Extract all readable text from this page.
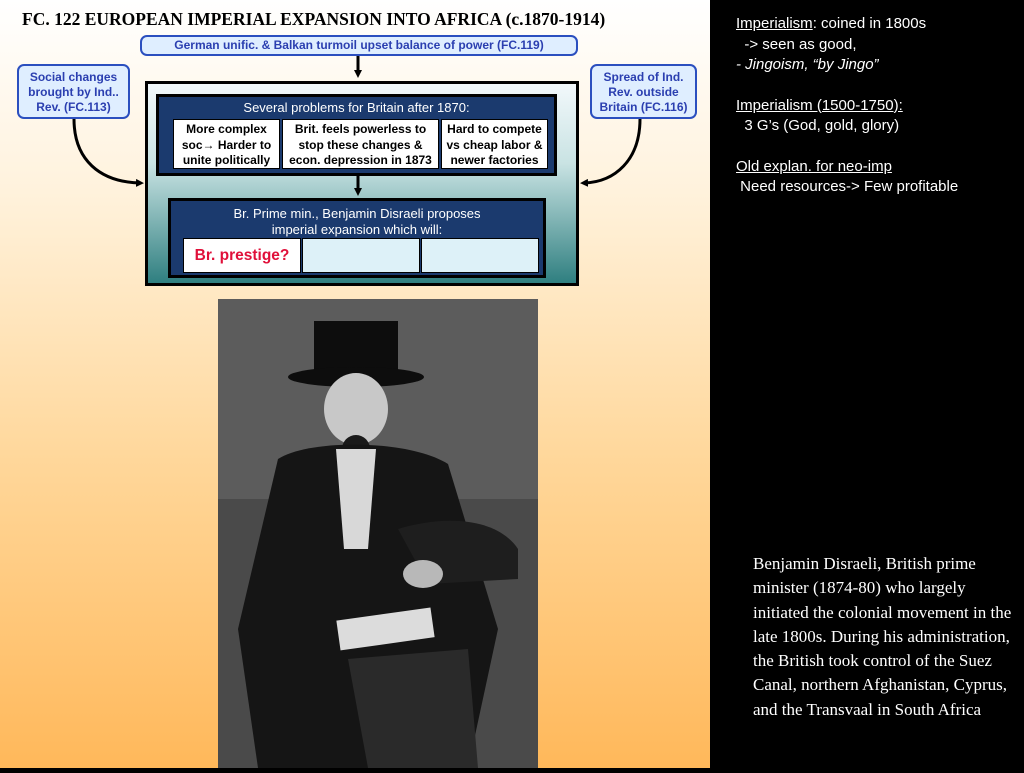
FC. 122 EUROPEAN IMPERIAL EXPANSION INTO AFRICA (c.1870-1914)
German unific. & Balkan turmoil upset balance of power (FC.119)
Social changes
brought by Ind..
Rev. (FC.113)
Spread of Ind.
Rev. outside
Britain (FC.116)
Several problems for Britain after 1870:
More complex
soc→ Harder to
unite politically
Brit. feels powerless to
stop these changes &
econ. depression in 1873
Hard to compete
vs cheap labor &
newer factories
Br. Prime min., Benjamin Disraeli proposes
imperial expansion which will:
Br. prestige?
Imperialism: coined in 1800s
-> seen as good,
- Jingoism, “by Jingo”
Imperialism (1500-1750):
3 G’s (God, gold, glory)
Old explan. for neo-imp
Need resources-> Few profitable
Benjamin Disraeli, British prime minister (1874-80) who largely initiated the colonial movement in the late 1800s. During his administration, the British took control of the Suez Canal, northern Afghanistan, Cyprus, and the Transvaal in South Africa
